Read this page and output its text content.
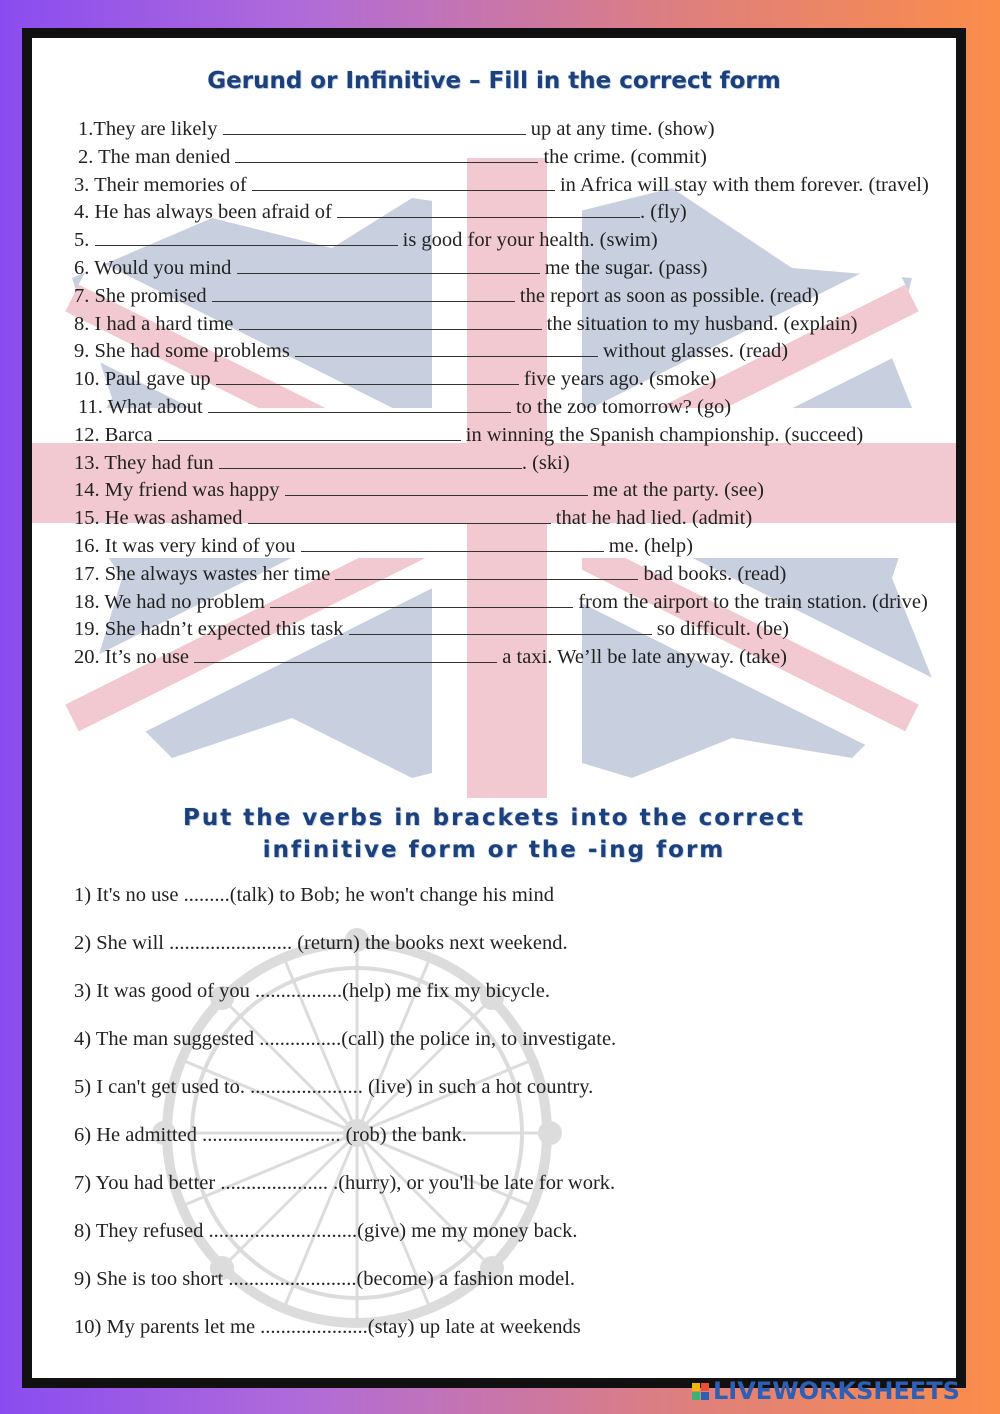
Gerund or Infinitive – Fill in the correct form
1.They are likely	up at any time. (show)
2. The man denied	the crime. (commit)
3. Their memories of	in Africa will stay with them forever. (travel)
4. He has always been afraid of	. (fly)
5.	is good for your health. (swim)
6. Would you mind	me the sugar. (pass)
7. She promised	the report as soon as possible. (read)
8. I had a hard time	the situation to my husband. (explain)
9. She had some problems	without glasses. (read)
10. Paul gave up	five years ago. (smoke)
11. What about	to the zoo tomorrow? (go)
12. Barca	in winning the Spanish championship. (succeed)
13. They had fun	. (ski)
14. My friend was happy	me at the party. (see)
15. He was ashamed	that he had lied. (admit)
16. It was very kind of you	me. (help)
17. She always wastes her time	bad books. (read)
18. We had no problem	from the airport to the train station. (drive)
19. She hadn’t expected this task	so difficult. (be)
20. It’s no use	a taxi. We’ll be late anyway. (take)
Put the verbs in brackets into the correct
infinitive form or the -ing form
1) It's no use .........(talk) to Bob; he won't change his mind
2) She will ........................ (return) the books next weekend.
3) It was good of you .................(help) me fix my bicycle.
4) The man suggested ................(call) the police in, to investigate.
5) I can't get used to. ...................... (live) in such a hot country.
6) He admitted ........................... (rob) the bank.
7) You had better ..................... .(hurry), or you'll be late for work.
8) They refused .............................(give) me my money back.
9) She is too short .........................(become) a fashion model.
10) My parents let me .....................(stay) up late at weekends
LIVEWORKSHEETS
